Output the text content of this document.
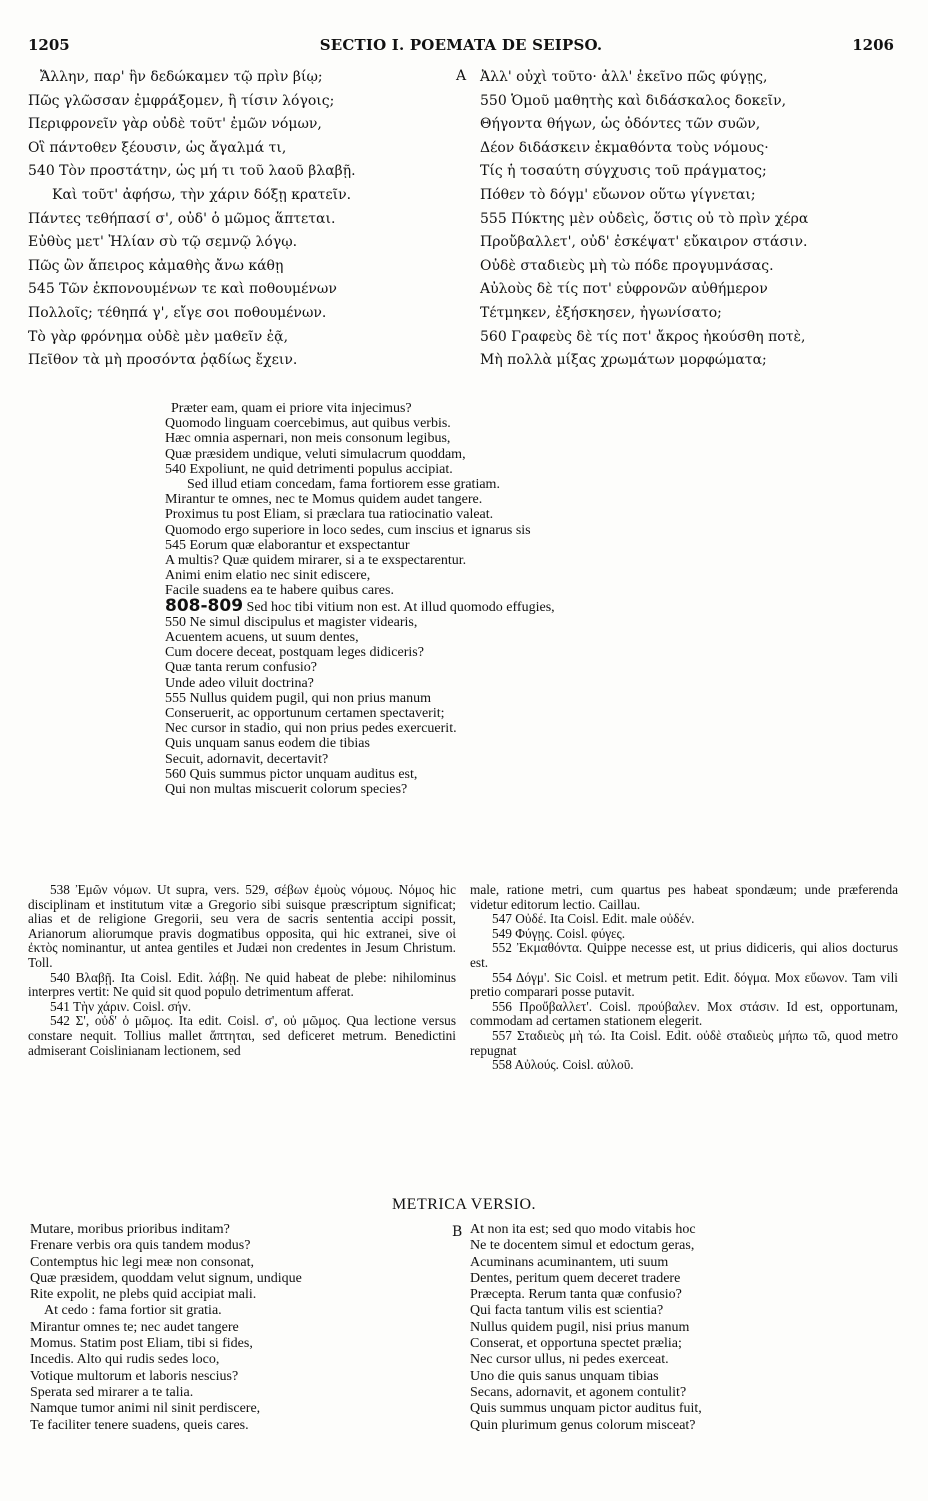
1205	SECTIO I. POEMATA DE SEIPSO.	1206
Ἄλλην, παρ' ἣν δεδώκαμεν τῷ πρὶν βίῳ;
Πῶς γλῶσσαν ἐμφράξομεν, ἢ τίσιν λόγοις;
Περιφρονεῖν γὰρ οὐδὲ τοῦτ' ἐμῶν νόμων,
Οἳ πάντοθεν ξέουσιν, ὡς ἄγαλμά τι,
540 Τὸν προστάτην, ὡς μή τι τοῦ λαοῦ βλαβῇ.
Καὶ τοῦτ' ἀφήσω, τὴν χάριν δόξῃ κρατεῖν.
Πάντες τεθήπασί σ', οὐδ' ὁ μῶμος ἅπτεται.
Εὐθὺς μετ' Ἠλίαν σὺ τῷ σεμνῷ λόγῳ.
Πῶς ὢν ἄπειρος κἀμαθὴς ἄνω κάθῃ
545 Τῶν ἐκπονουμένων τε καὶ ποθουμένων
Πολλοῖς; τέθηπά γ', εἴγε σοι ποθουμένων.
Τὸ γὰρ φρόνημα οὐδὲ μὲν μαθεῖν ἐᾷ,
Πεῖθον τὰ μὴ προσόντα ῥᾳδίως ἔχειν.
A Ἀλλ' οὐχὶ τοῦτο· ἀλλ' ἐκεῖνο πῶς φύγῃς,
550 Ὁμοῦ μαθητὴς καὶ διδάσκαλος δοκεῖν,
Θήγοντα θήγων, ὡς ὀδόντες τῶν συῶν,
Δέον διδάσκειν ἐκμαθόντα τοὺς νόμους·
Τίς ἡ τοσαύτη σύγχυσις τοῦ πράγματος;
Πόθεν τὸ δόγμ' εὔωνον οὕτω γίγνεται;
555 Πύκτης μὲν οὐδεὶς, ὅστις οὐ τὸ πρὶν χέρα
Προὔβαλλετ', οὐδ' ἐσκέψατ' εὔκαιρον στάσιν.
Οὐδὲ σταδιεὺς μὴ τὼ πόδε προγυμνάσας.
Αὐλοὺς δὲ τίς ποτ' εὐφρονῶν αὐθήμερον
Τέτμηκεν, ἐξήσκησεν, ἠγωνίσατο;
560 Γραφεὺς δὲ τίς ποτ' ἄκρος ἠκούσθη ποτὲ,
Μὴ πολλὰ μίξας χρωμάτων μορφώματα;
Præter eam, quam ei priore vita injecimus?
Quomodo linguam coercebimus, aut quibus verbis.
Hæc omnia aspernari, non meis consonum legibus,
Quæ præsidem undique, veluti simulacrum quoddam,
540 Expoliunt, ne quid detrimenti populus accipiat.
Sed illud etiam concedam, fama fortiorem esse gratiam.
Mirantur te omnes, nec te Momus quidem audet tangere.
Proximus tu post Eliam, si præclara tua ratiocinatio valeat.
Quomodo ergo superiore in loco sedes, cum inscius et ignarus sis
545 Eorum quæ elaborantur et exspectantur
A multis? Quæ quidem mirarer, si a te exspectarentur.
Animi enim elatio nec sinit ediscere,
Facile suadens ea te habere quibus cares.
808-809 Sed hoc tibi vitium non est. At illud quomodo effugies,
550 Ne simul discipulus et magister videaris,
Acuentem acuens, ut suum dentes,
Cum docere deceat, postquam leges didiceris?
Quæ tanta rerum confusio?
Unde adeo viluit doctrina?
555 Nullus quidem pugil, qui non prius manum
Conseruerit, ac opportunum certamen spectaverit;
Nec cursor in stadio, qui non prius pedes exercuerit.
Quis unquam sanus eodem die tibias
Secuit, adornavit, decertavit?
560 Quis summus pictor unquam auditus est,
Qui non multas miscuerit colorum species?

538 Ἐμῶν νόμων. Ut supra, vers. 529, σέβων ἐμοὺς νόμους. Νόμος hic disciplinam et institutum vitæ a Gregorio sibi suisque præscriptum significat; alias et de religione Gregorii, seu vera de sacris sententia accipi possit, Arianorum aliorumque pravis dogmatibus opposita, qui hic extranei, sive οἱ ἐκτὸς nominantur, ut antea gentiles et Judæi non credentes in Jesum Christum. Toll.

540 Βλαβῇ. Ita Coisl. Edit. λάβῃ. Ne quid habeat de plebe: nihilominus interpres vertit: Ne quid sit quod populo detrimentum afferat.

541 Τὴν χάριν. Coisl. σήν.

542 Σ', οὐδ' ὁ μῶμος. Ita edit. Coisl. σ', οὐ μῶμος. Qua lectione versus constare nequit. Tollius mallet ἅπτηται, sed deficeret metrum. Benedictini admiserant Coislinianam lectionem, sed

male, ratione metri, cum quartus pes habeat spondæum; unde præferenda videtur editorum lectio. Caillau.

547 Οὐδέ. Ita Coisl. Edit. male οὐδέν.

549 Φύγῃς. Coisl. φύγες.

552 Ἐκμαθόντα. Quippe necesse est, ut prius didiceris, qui alios docturus est.

554 Δόγμ'. Sic Coisl. et metrum petit. Edit. δόγμα. Mox εὔωνον. Tam vili pretio comparari posse putavit.

556 Προὔβαλλετ'. Coisl. προύβαλεν. Mox στάσιν. Id est, opportunam, commodam ad certamen stationem elegerit.

557 Σταδιεὺς μὴ τώ. Ita Coisl. Edit. οὐδὲ σταδιεὺς μήπω τῶ, quod metro repugnat

558 Αὐλούς. Coisl. αὐλοῦ.

METRICA VERSIO.
Mutare, moribus prioribus inditam?
Frenare verbis ora quis tandem modus?
Contemptus hic legi meæ non consonat,
Quæ præsidem, quoddam velut signum, undique
Rite expolit, ne plebs quid accipiat mali.
At cedo : fama fortior sit gratia.
Mirantur omnes te; nec audet tangere
Momus. Statim post Eliam, tibi si fides,
Incedis. Alto qui rudis sedes loco,
Votique multorum et laboris nescius?
Sperata sed mirarer a te talia.
Namque tumor animi nil sinit perdiscere,
Te faciliter tenere suadens, queis cares.
B At non ita est; sed quo modo vitabis hoc
Ne te docentem simul et edoctum geras,
Acuminans acuminantem, uti suum
Dentes, peritum quem deceret tradere
Præcepta. Rerum tanta quæ confusio?
Qui facta tantum vilis est scientia?
Nullus quidem pugil, nisi prius manum
Conserat, et opportuna spectet prælia;
Nec cursor ullus, ni pedes exerceat.
Uno die quis sanus unquam tibias
Secans, adornavit, et agonem contulit?
Quis summus unquam pictor auditus fuit,
Quin plurimum genus colorum misceat?
